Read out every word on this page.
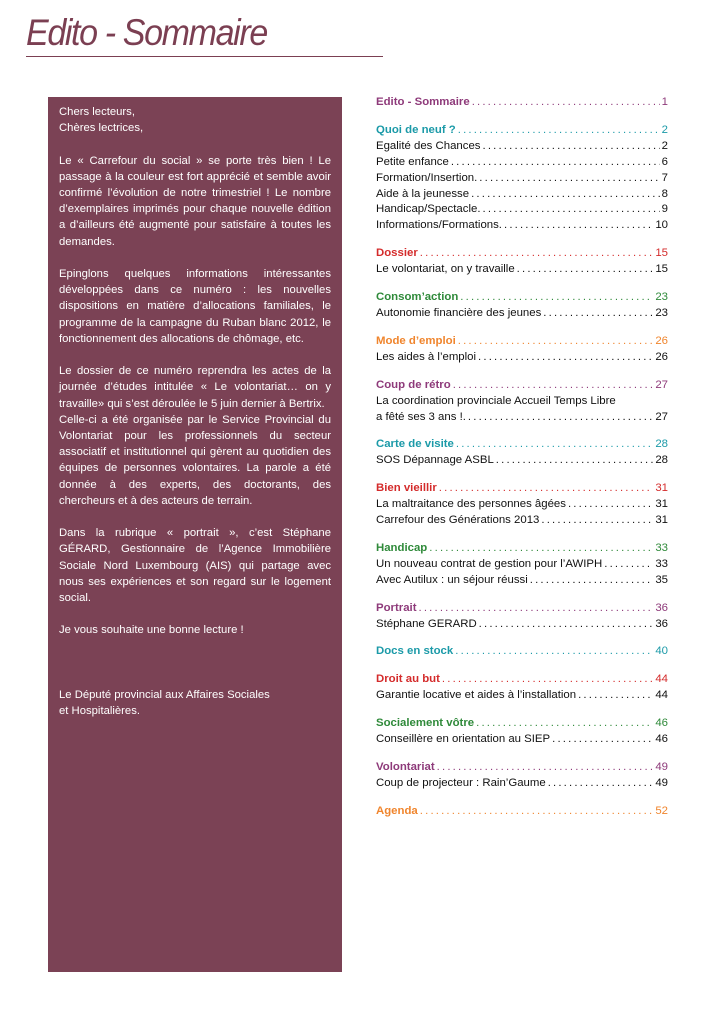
Edito - Sommaire

Chers lecteurs,
Chères lectrices,

Le « Carrefour du social » se porte très bien ! Le passage à la couleur est fort apprécié et semble avoir confirmé l’évolution de notre trimestriel ! Le nombre d’exemplaires imprimés pour chaque nouvelle édition a d’ailleurs été augmenté pour satisfaire à toutes les demandes.

Epinglons quelques informations intéressantes développées dans ce numéro : les nouvelles dispositions en matière d’allocations familiales, le programme de la campagne du Ruban blanc 2012, le fonctionnement des allocations de chômage, etc.

Le dossier de ce numéro reprendra les actes de la journée d’études intitulée « Le volontariat… on y travaille» qui s’est déroulée le 5 juin dernier à Bertrix.

Celle-ci a été organisée par le Service Provincial du Volontariat pour les professionnels du secteur associatif et institutionnel qui gèrent au quotidien des équipes de personnes volontaires. La parole a été donnée à des experts, des doctorants, des chercheurs et à des acteurs de terrain.

Dans la rubrique « portrait », c’est Stéphane GÉRARD, Gestionnaire de l’Agence Immobilière Sociale Nord Luxembourg (AIS) qui partage avec nous ses expériences et son regard sur le logement social.

Je vous souhaite une bonne lecture !

Le Député provincial aux Affaires Sociales
et Hospitalières.

Edito - Sommaire . . .	1
Quoi de neuf ? . . .	2
Egalité des Chances . . .	2
Petite enfance . . .	6
Formation/Insertion. . . .	7
Aide à la jeunesse . . .	8
Handicap/Spectacle. . . .	9
Informations/Formations. . . .	10
Dossier . . .	15
Le volontariat, on y travaille . . .	15
Consom’action . . .	23
Autonomie financière des jeunes . . .	23
Mode d’emploi . . .	26
Les aides à l’emploi . . .	26
Coup de rétro . . .	27
La coordination provinciale Accueil Temps Libre
a fêté ses 3 ans !. . . .	27
Carte de visite . . .	28
SOS Dépannage ASBL . . .	28
Bien vieillir . . .	31
La maltraitance des personnes âgées . . .	31
Carrefour des Générations 2013 . . .	31
Handicap . . .	33
Un nouveau contrat de gestion pour l’AWIPH . . .	33
Avec Autilux : un séjour réussi . . .	35
Portrait . . .	36
Stéphane GERARD . . .	36
Docs en stock . . .	40
Droit au but . . .	44
Garantie locative et aides à l’installation . . .	44
Socialement vôtre . . .	46
Conseillère en orientation au SIEP . . .	46
Volontariat . . .	49
Coup de projecteur : Rain’Gaume . . .	49
Agenda . . .	52
